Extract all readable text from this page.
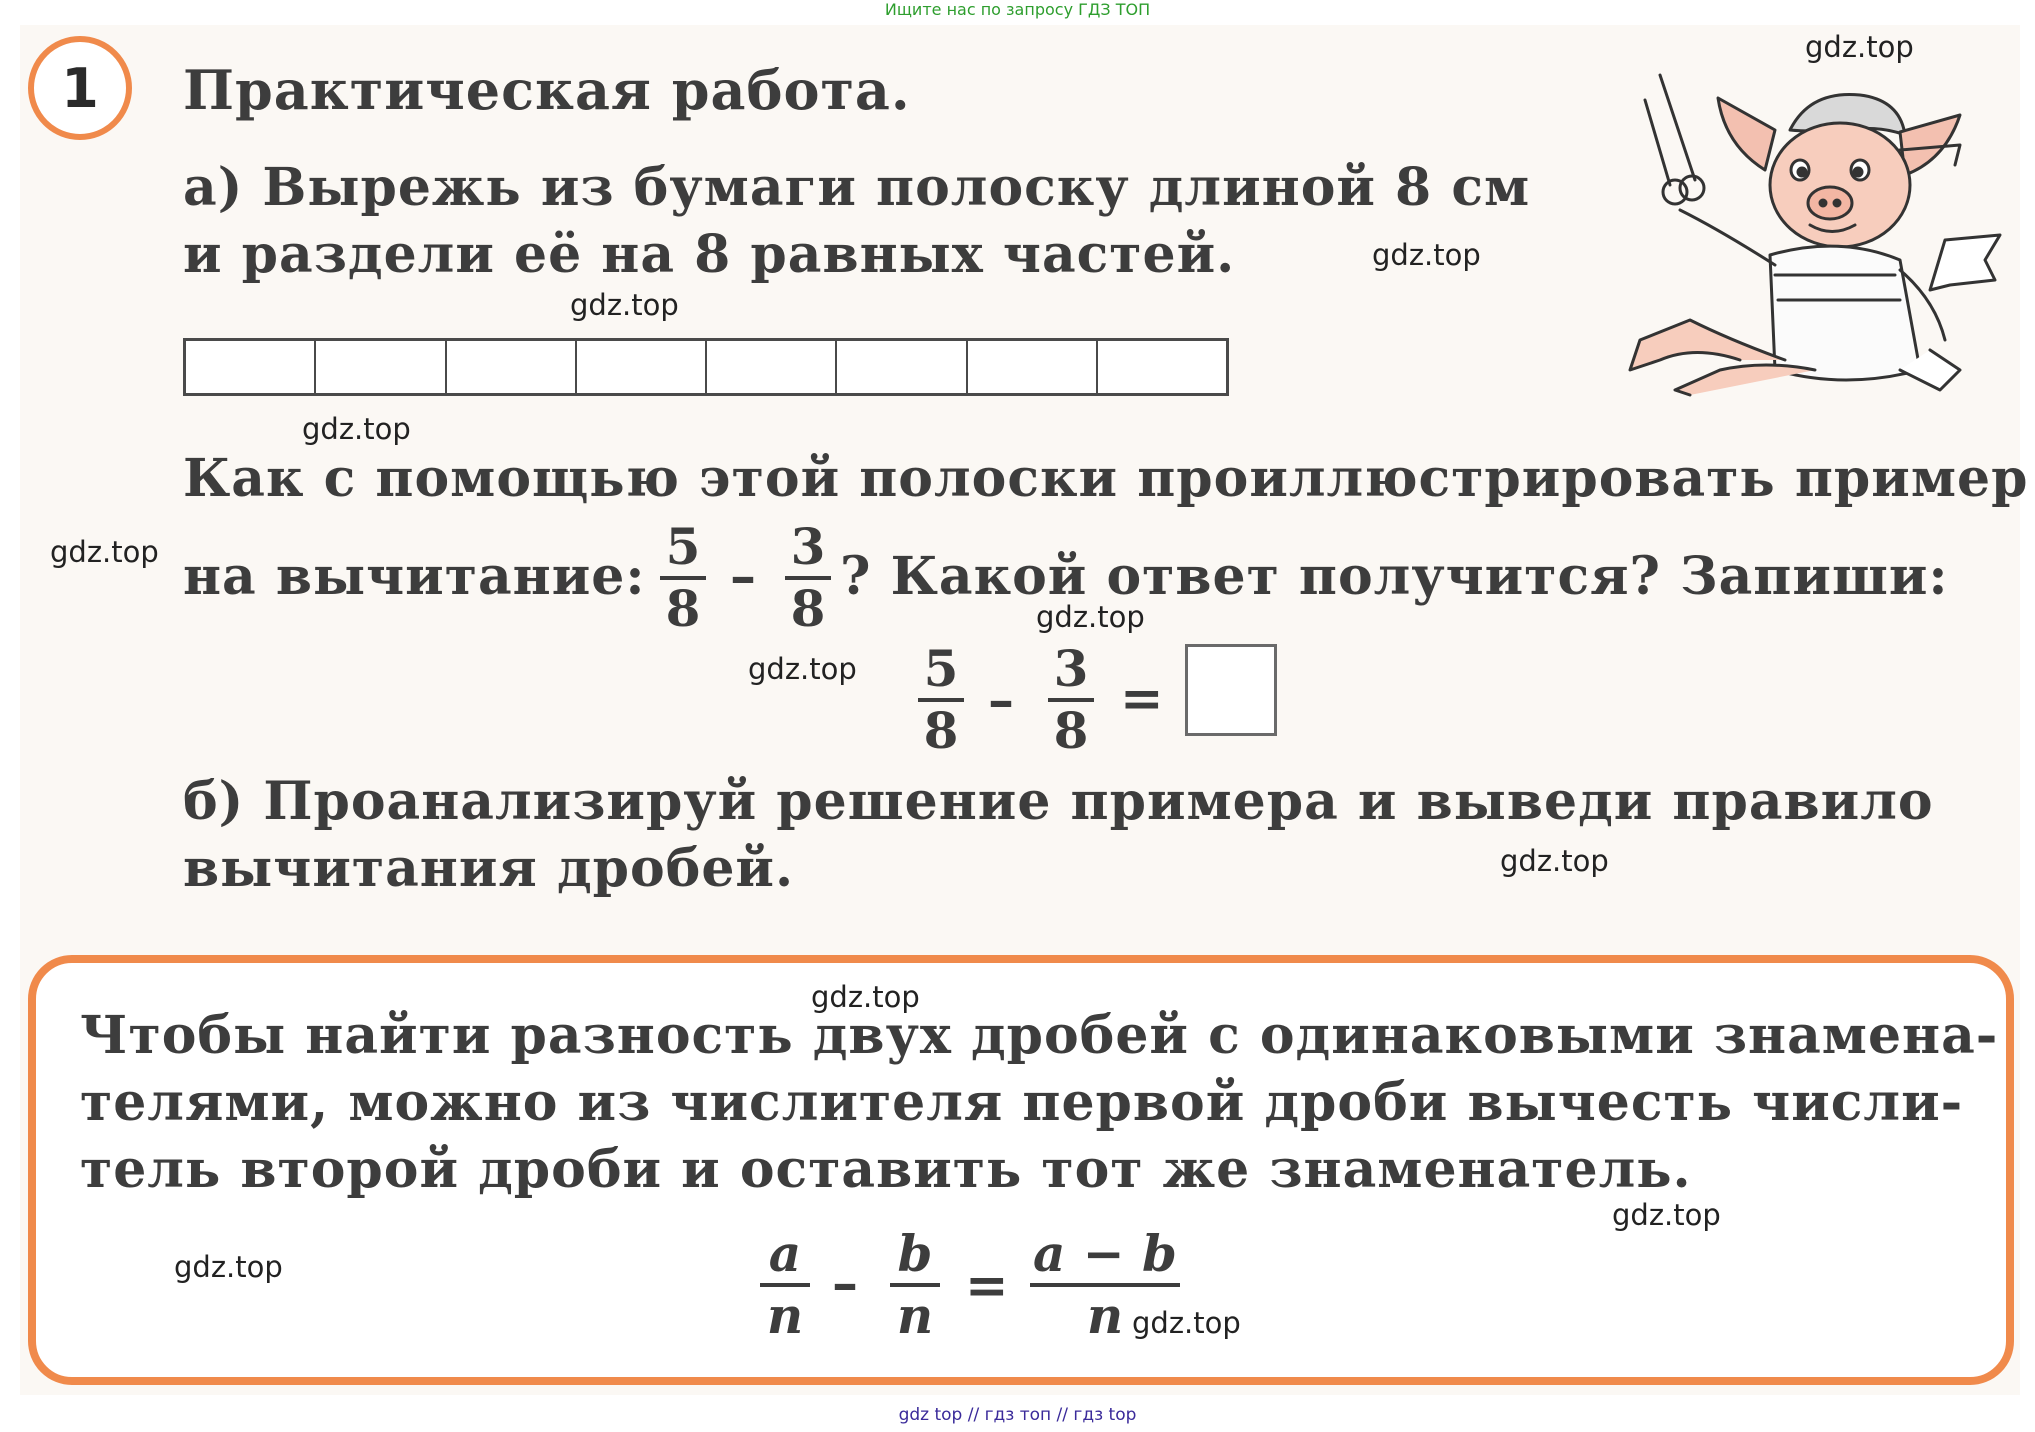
Ищите нас по запросу ГДЗ ТОП
1	Практическая работа.
а) Вырежь из бумаги полоску длиной 8 см
и раздели её на 8 равных частей.
Как с помощью этой полоски проиллюстрировать пример
на вычитание: 5
8
– 3
8
? Какой ответ получится? Запиши:
5
8 –
3
8
=
б) Проанализируй решение примера и выведи правило
вычитания дробей.
Чтобы найти разность двух дробей с одинаковыми знамена-
телями, можно из числителя первой дроби вычесть числи-
тель второй дроби и оставить тот же знаменатель.
a
n
– b
n =
a − b
n
gdz.top
gdz.top
gdz.top
gdz.top
gdz.top
gdz.top
gdz.top
gdz.top
gdz.top
gdz.top
gdz.top
gdz.top
gdz top // гдз топ // гдз top
